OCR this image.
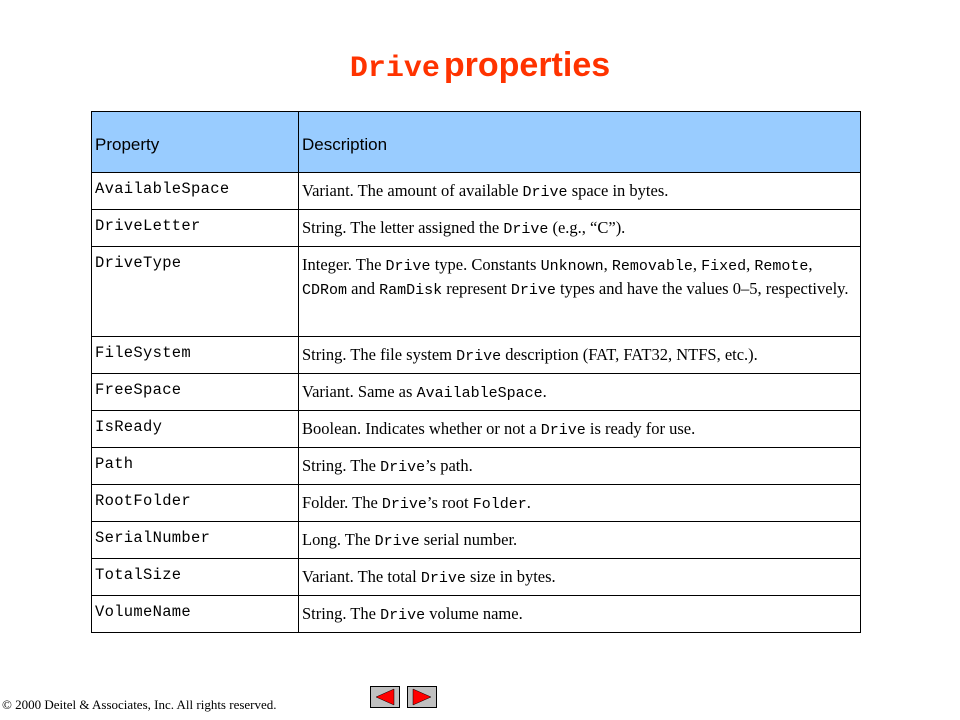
Drive properties
Property	Description
AvailableSpace	Variant. The amount of available Drive space in bytes.
DriveLetter	String. The letter assigned the Drive (e.g., “C”).
DriveType	Integer. The Drive type. Constants Unknown, Removable, Fixed, Remote, CDRom and RamDisk represent Drive types and have the values 0–5, respectively.
FileSystem	String. The file system Drive description (FAT, FAT32, NTFS, etc.).
FreeSpace	Variant. Same as AvailableSpace.
IsReady	Boolean. Indicates whether or not a Drive is ready for use.
Path	String. The Drive’s path.
RootFolder	Folder. The Drive’s root Folder.
SerialNumber	Long. The Drive serial number.
TotalSize	Variant. The total Drive size in bytes.
VolumeName	String. The Drive volume name.
© 2000 Deitel & Associates, Inc. All rights reserved.
